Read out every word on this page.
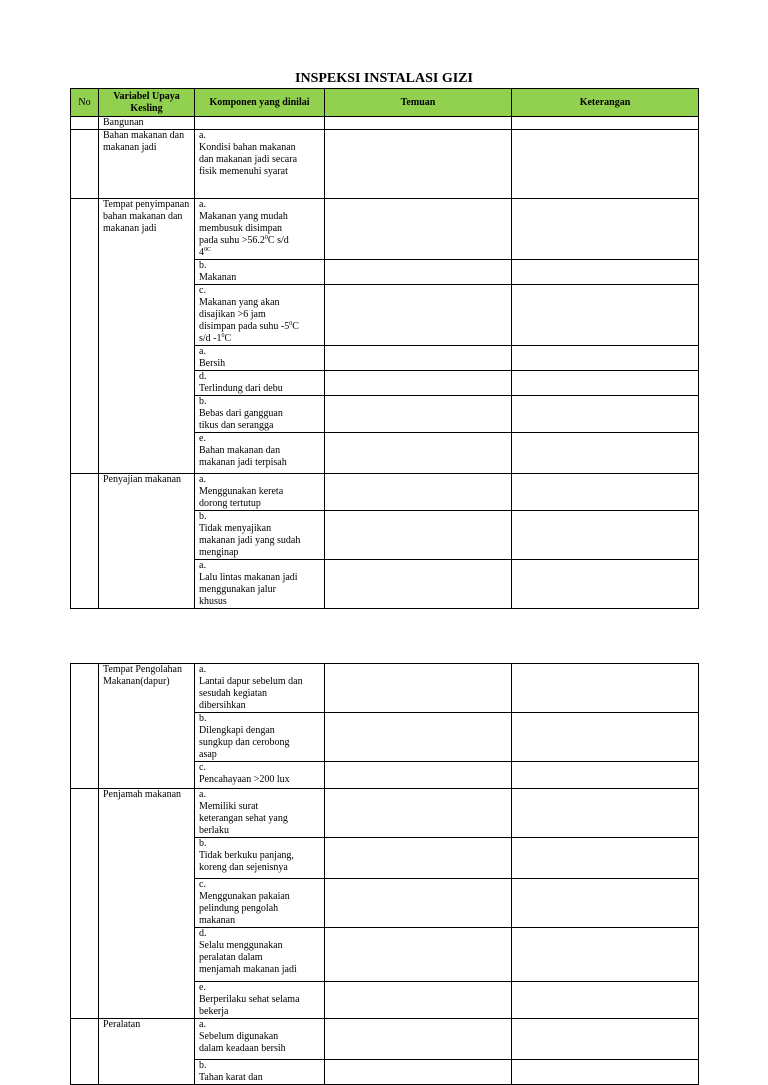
INSPEKSI INSTALASI GIZI
No	Variabel Upaya Kesling	Komponen yang dinilai	Temuan	Keterangan
	Bangunan			
	Bahan makanan dan makanan jadi	a.Kondisi bahan makanan dan makanan jadi secara fisik memenuhi syarat		
	Tempat penyimpanan bahan makanan dan makanan jadi	a.Makanan yang mudah membusuk disimpan pada suhu $>56.2^0C$ s/d $4^{0C}$		
		b.Makanan		
		c.Makanan yang akan disajikan >6 jam disimpan pada suhu $-5^0C$ s/d $-1^0C$		
		a.Bersih		
		d.Terlindung dari debu		
		b.Bebas dari gangguan tikus dan serangga		
		e.Bahan makanan dan makanan jadi terpisah		
	Penyajian makanan	a.Menggunakan kereta dorong tertutup		
		b.Tidak menyajikan makanan jadi yang sudah menginap		
		a.Lalu lintas makanan jadi menggunakan jalur khusus		
	Tempat Pengolahan Makanan(dapur)	a.Lantai dapur sebelum dan sesudah kegiatan dibersihkan		
		b.Dilengkapi dengan sungkup dan cerobong asap		
		c.Pencahayaan >200 lux		
	Penjamah makanan	a.Memiliki surat keterangan sehat yang berlaku		
		b.Tidak berkuku panjang, koreng dan sejenisnya		
		c.Menggunakan pakaian pelindung pengolah makanan		
		d.Selalu menggunakan peralatan dalam menjamah makanan jadi		
		e.Berperilaku sehat selama bekerja		
	Peralatan	a.Sebelum digunakan dalam keadaan bersih		
		b.Tahan karat dan		
